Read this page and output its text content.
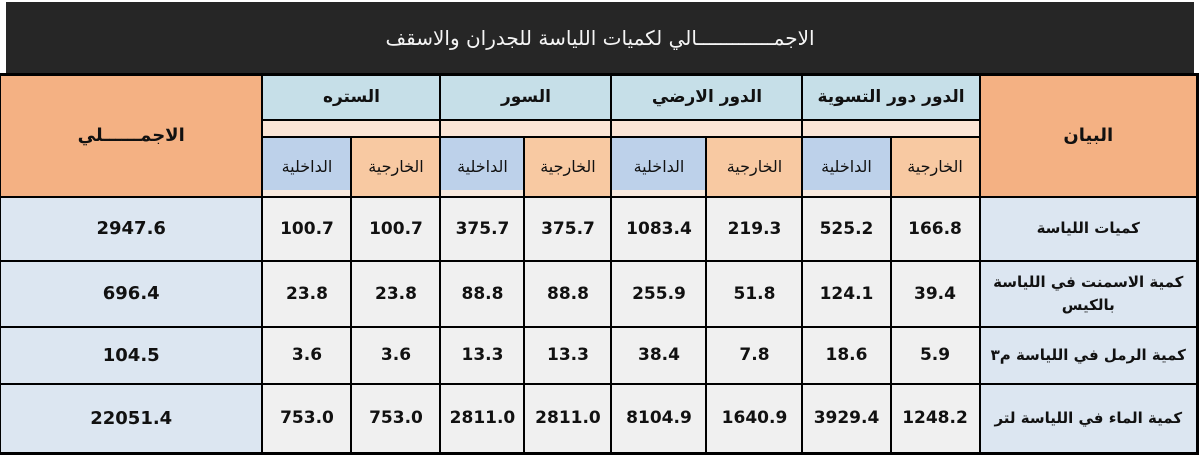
الاجمـــــــــــــالي لكميات اللياسة للجدران والاسقف
البيان	الدور دور التسوية		الدور الارضي		السور		الستره		الاجمــــــلي

	الخارجية	الداخلية	الخارجية	الداخلية	الخارجية	الداخلية	الخارجية	الداخلية	
كميات اللياسة	166.8	525.2	219.3	1083.4	375.7	375.7	100.7	100.7	2947.6
كمية الاسمنت في اللياسة بالكيس	39.4	124.1	51.8	255.9	88.8	88.8	23.8	23.8	696.4
كمية الرمل في اللياسة م٣	5.9	18.6	7.8	38.4	13.3	13.3	3.6	3.6	104.5
كمية الماء في اللياسة لتر	1248.2	3929.4	1640.9	8104.9	2811.0	2811.0	753.0	753.0	22051.4
